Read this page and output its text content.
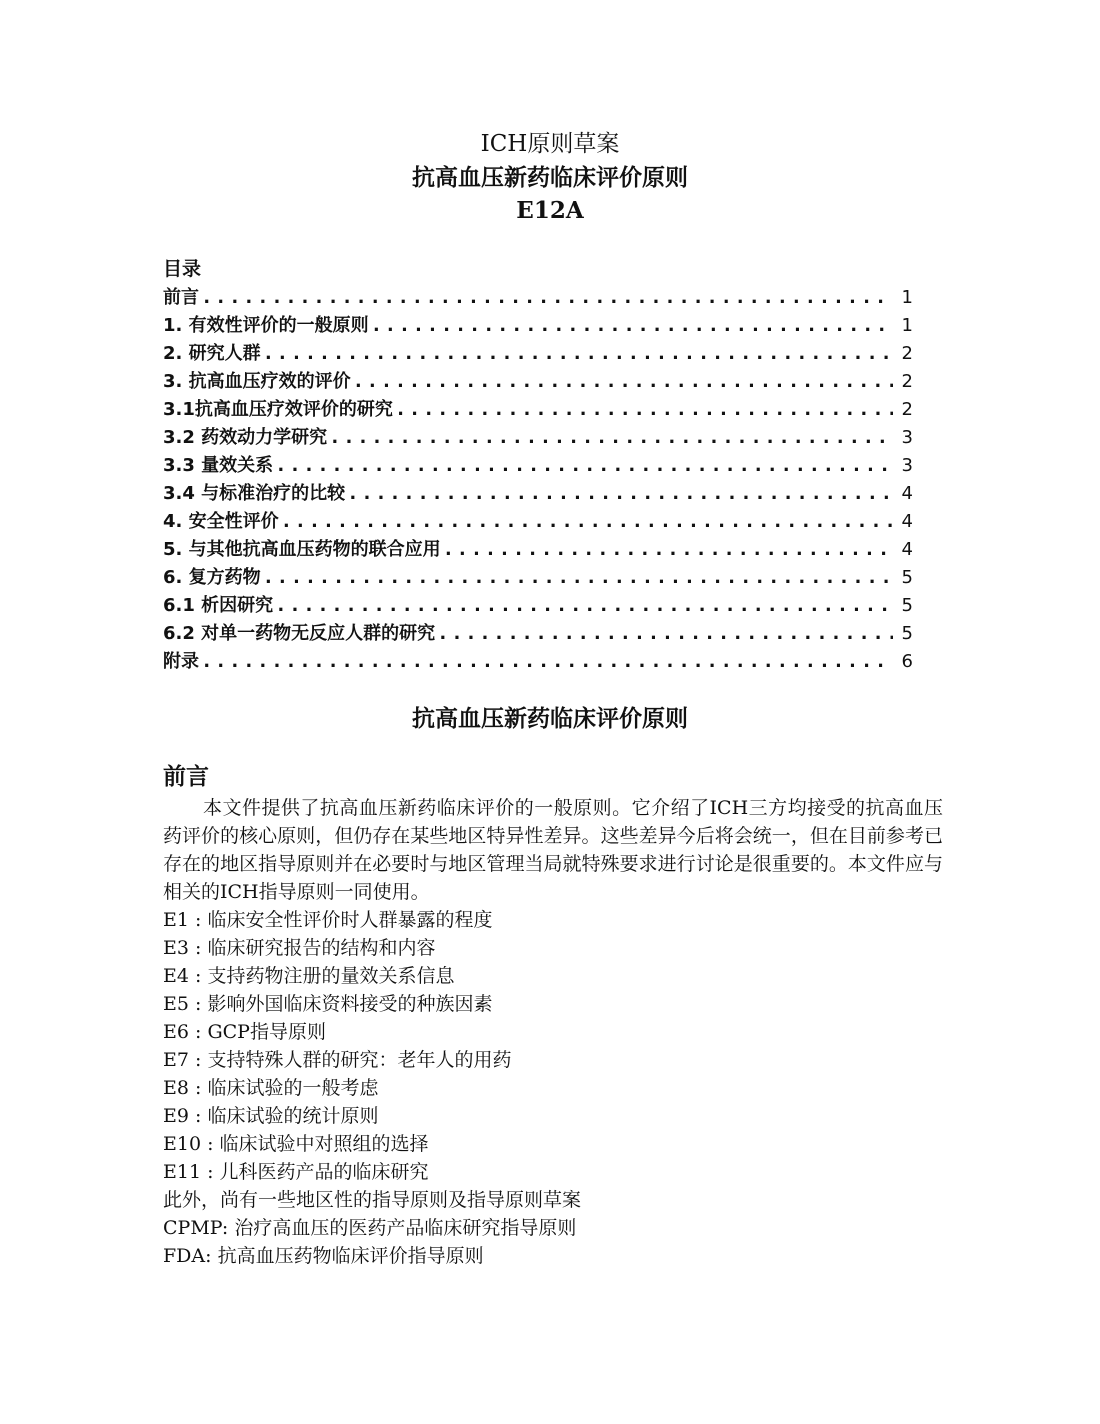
ICH原则草案

抗高血压新药临床评价原则

E12A

目录
前言 .....	1
1. 有效性评价的一般原则 .....	1
2. 研究人群 .....	2
3. 抗高血压疗效的评价 .....	2
3.1抗高血压疗效评价的研究 .....	2
3.2 药效动力学研究 .....	3
3.3 量效关系 .....	3
3.4 与标准治疗的比较 .....	4
4. 安全性评价 .....	4
5. 与其他抗高血压药物的联合应用 .....	4
6. 复方药物 .....	5
6.1 析因研究 .....	5
6.2 对单一药物无反应人群的研究 .....	5
附录 .....	6
抗高血压新药临床评价原则
前言

本文件提供了抗高血压新药临床评价的一般原则。它介绍了ICH三方均接受的抗高血压药评价的核心原则，但仍存在某些地区特异性差异。这些差异今后将会统一，但在目前参考已存在的地区指导原则并在必要时与地区管理当局就特殊要求进行讨论是很重要的。本文件应与相关的ICH指导原则一同使用。

E1 : 临床安全性评价时人群暴露的程度
E3 : 临床研究报告的结构和内容
E4 : 支持药物注册的量效关系信息
E5 : 影响外国临床资料接受的种族因素
E6 : GCP指导原则
E7 : 支持特殊人群的研究：老年人的用药
E8 : 临床试验的一般考虑
E9 : 临床试验的统计原则
E10 : 临床试验中对照组的选择
E11 : 儿科医药产品的临床研究
此外，尚有一些地区性的指导原则及指导原则草案
CPMP: 治疗高血压的医药产品临床研究指导原则
FDA: 抗高血压药物临床评价指导原则
